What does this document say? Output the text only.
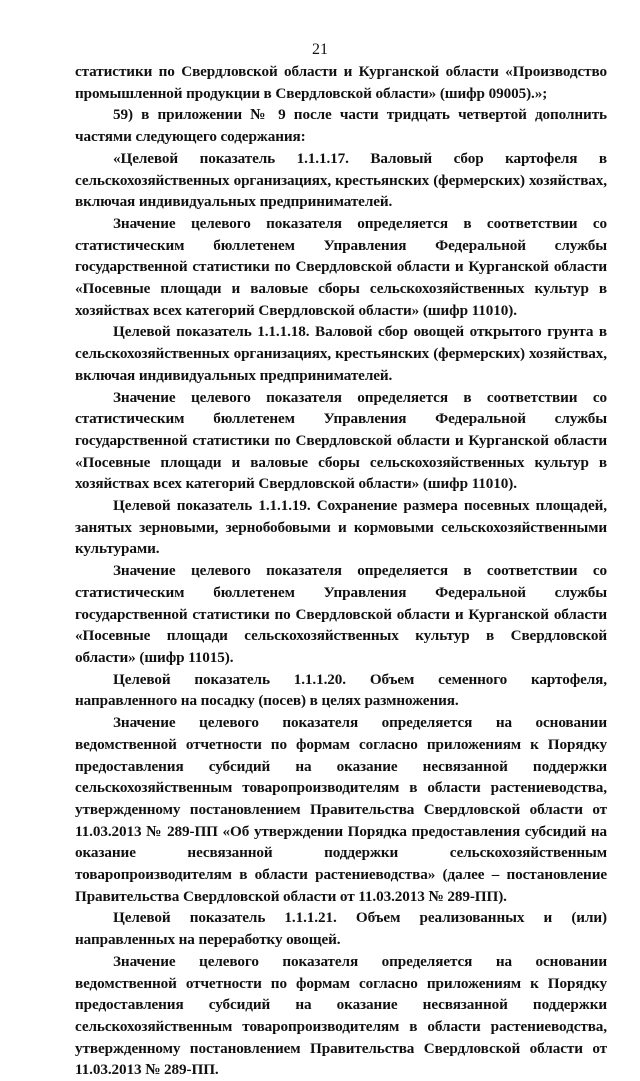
21

статистики по Свердловской области и Курганской области «Производство промышленной продукции в Свердловской области» (шифр 09005).»;

59) в приложении № 9 после части тридцать четвертой дополнить частями следующего содержания:

«Целевой показатель 1.1.1.17. Валовый сбор картофеля в сельскохозяйственных организациях, крестьянских (фермерских) хозяйствах, включая индивидуальных предпринимателей.

Значение целевого показателя определяется в соответствии со статистическим бюллетенем Управления Федеральной службы государственной статистики по Свердловской области и Курганской области «Посевные площади и валовые сборы сельскохозяйственных культур в хозяйствах всех категорий Свердловской области» (шифр 11010).

Целевой показатель 1.1.1.18. Валовой сбор овощей открытого грунта в сельскохозяйственных организациях, крестьянских (фермерских) хозяйствах, включая индивидуальных предпринимателей.

Значение целевого показателя определяется в соответствии со статистическим бюллетенем Управления Федеральной службы государственной статистики по Свердловской области и Курганской области «Посевные площади и валовые сборы сельскохозяйственных культур в хозяйствах всех категорий Свердловской области» (шифр 11010).

Целевой показатель 1.1.1.19. Сохранение размера посевных площадей, занятых зерновыми, зернобобовыми и кормовыми сельскохозяйственными культурами.

Значение целевого показателя определяется в соответствии со статистическим бюллетенем Управления Федеральной службы государственной статистики по Свердловской области и Курганской области «Посевные площади сельскохозяйственных культур в Свердловской области» (шифр 11015).

Целевой показатель 1.1.1.20. Объем семенного картофеля, направленного на посадку (посев) в целях размножения.

Значение целевого показателя определяется на основании ведомственной отчетности по формам согласно приложениям к Порядку предоставления субсидий на оказание несвязанной поддержки сельскохозяйственным товаропроизводителям в области растениеводства, утвержденному постановлением Правительства Свердловской области от 11.03.2013 № 289-ПП «Об утверждении Порядка предоставления субсидий на оказание несвязанной поддержки сельскохозяйственным товаропроизводителям в области растениеводства» (далее – постановление Правительства Свердловской области от 11.03.2013 № 289-ПП).

Целевой показатель 1.1.1.21. Объем реализованных и (или) направленных на переработку овощей.

Значение целевого показателя определяется на основании ведомственной отчетности по формам согласно приложениям к Порядку предоставления субсидий на оказание несвязанной поддержки сельскохозяйственным товаропроизводителям в области растениеводства, утвержденному постановлением Правительства Свердловской области от 11.03.2013 № 289-ПП.
